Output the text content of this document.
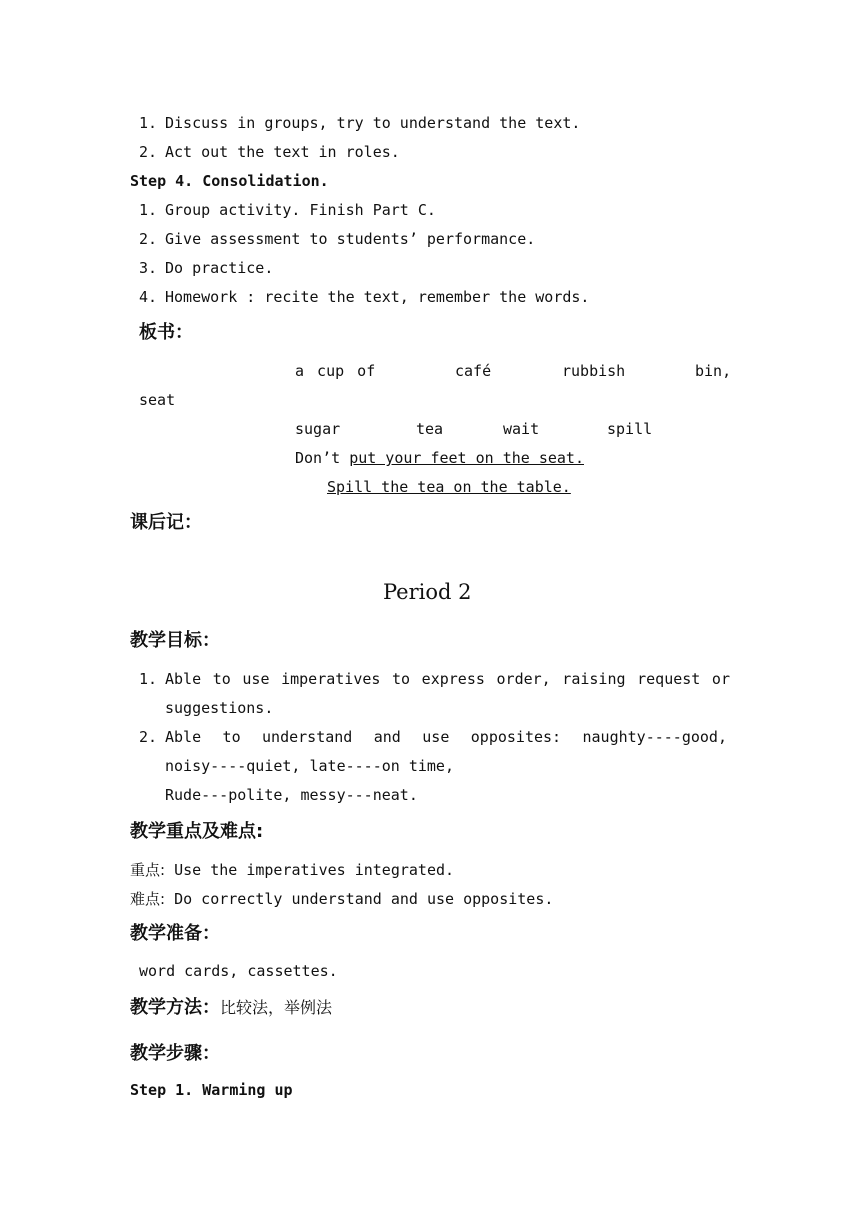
1. Discuss in groups, try to understand the text.
2. Act out the text in roles.
Step 4. Consolidation.
1. Group activity. Finish Part C.
2. Give assessment to students’ performance.
3. Do practice.
4. Homework : recite the text, remember the words.
板书：
a cup of	café	rubbish	bin,
seat
sugar	tea	wait	spill
Don’t put your feet on the seat.
Spill the tea on the table.
课后记：
Period 2
教学目标：
1. Able to use imperatives to express order, raising request or
suggestions.
2. Able to understand and use opposites: naughty----good,
noisy----quiet, late----on time,
Rude---polite, messy---neat.
教学重点及难点:
重点: Use the imperatives integrated.
难点: Do correctly understand and use opposites.
教学准备：
word cards, cassettes.
教学方法：比较法，举例法
教学步骤：
Step 1. Warming up
